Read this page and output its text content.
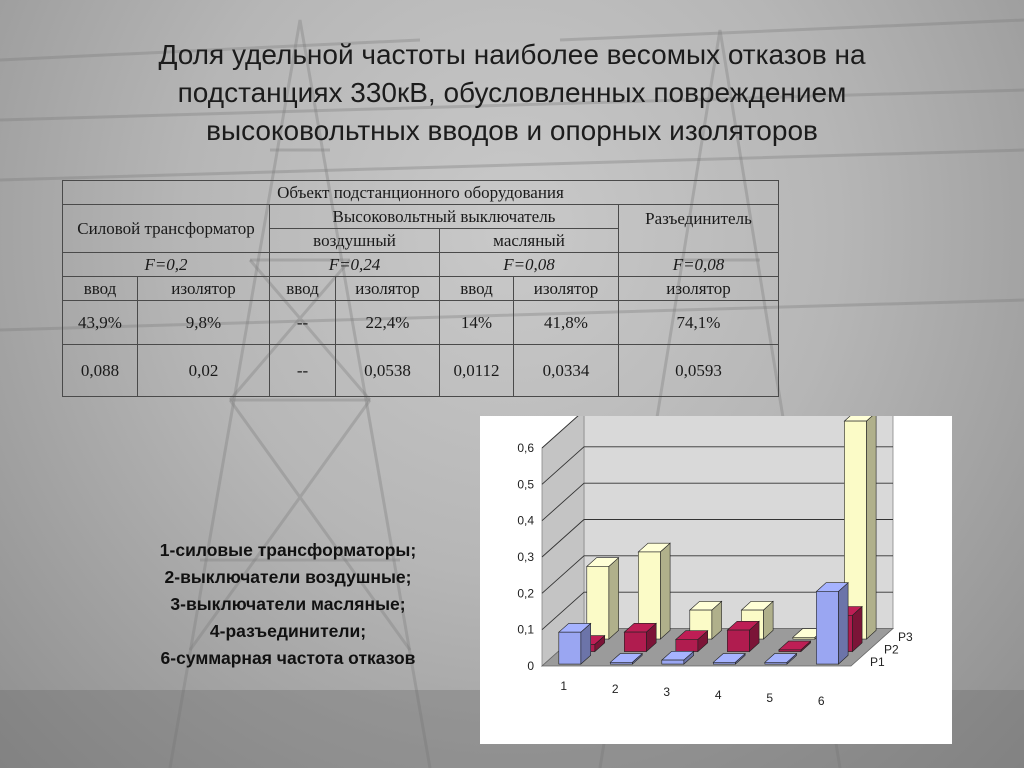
Доля удельной частоты наиболее весомых отказов на
подстанциях 330кВ, обусловленных повреждением
высоковольтных вводов и опорных изоляторов
Объект подстанционного оборудования						
Силовой трансформатор		Высоковольтный выключатель				Разъединитель
		воздушный		масляный		
F=0,2		F=0,24		F=0,08		F=0,08
ввод	изолятор	ввод	изолятор	ввод	изолятор	изолятор
43,9%	9,8%	--	22,4%	14%	41,8%	74,1%
0,088	0,02	--	0,0538	0,0112	0,0334	0,0593
1-силовые трансформаторы;
2-выключатели воздушные;
3-выключатели масляные;
4-разъединители;
6-суммарная частота отказов	0
0,1
0,2
0,3
0,4
0,5
0,6
1	2	3	4	5	6
P1
P2
P3
